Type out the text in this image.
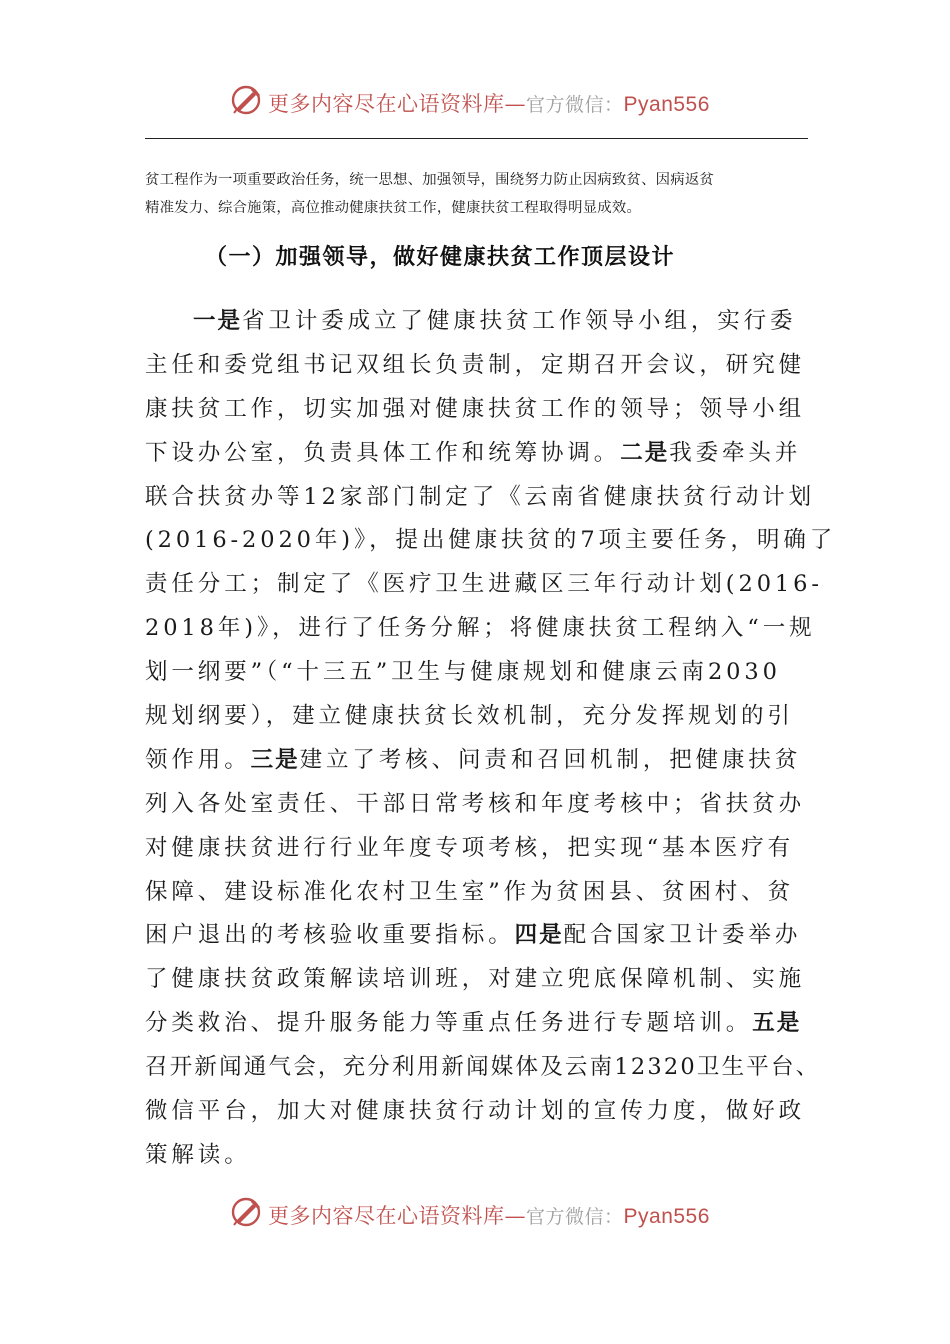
更多内容尽在心语资料库—官方微信：Pyan556
贫工程作为一项重要政治任务，统一思想、加强领导，围绕努力防止因病致贫、因病返贫
精准发力、综合施策，高位推动健康扶贫工作，健康扶贫工程取得明显成效。
（一）加强领导，做好健康扶贫工作顶层设计
一是省卫计委成立了健康扶贫工作领导小组，实行委
主任和委党组书记双组长负责制，定期召开会议，研究健
康扶贫工作，切实加强对健康扶贫工作的领导；领导小组
下设办公室，负责具体工作和统筹协调。二是我委牵头并
联合扶贫办等12家部门制定了《云南省健康扶贫行动计划
(2016-2020年)》，提出健康扶贫的7项主要任务，明确了
责任分工；制定了《医疗卫生进藏区三年行动计划(2016-
2018年)》，进行了任务分解；将健康扶贫工程纳入“一规
划一纲要”（“十三五”卫生与健康规划和健康云南2030
规划纲要），建立健康扶贫长效机制，充分发挥规划的引
领作用。三是建立了考核、问责和召回机制，把健康扶贫
列入各处室责任、干部日常考核和年度考核中；省扶贫办
对健康扶贫进行行业年度专项考核，把实现“基本医疗有
保障、建设标准化农村卫生室”作为贫困县、贫困村、贫
困户退出的考核验收重要指标。四是配合国家卫计委举办
了健康扶贫政策解读培训班，对建立兜底保障机制、实施
分类救治、提升服务能力等重点任务进行专题培训。五是
召开新闻通气会，充分利用新闻媒体及云南12320卫生平台、
微信平台，加大对健康扶贫行动计划的宣传力度，做好政
策解读。
更多内容尽在心语资料库—官方微信：Pyan556
